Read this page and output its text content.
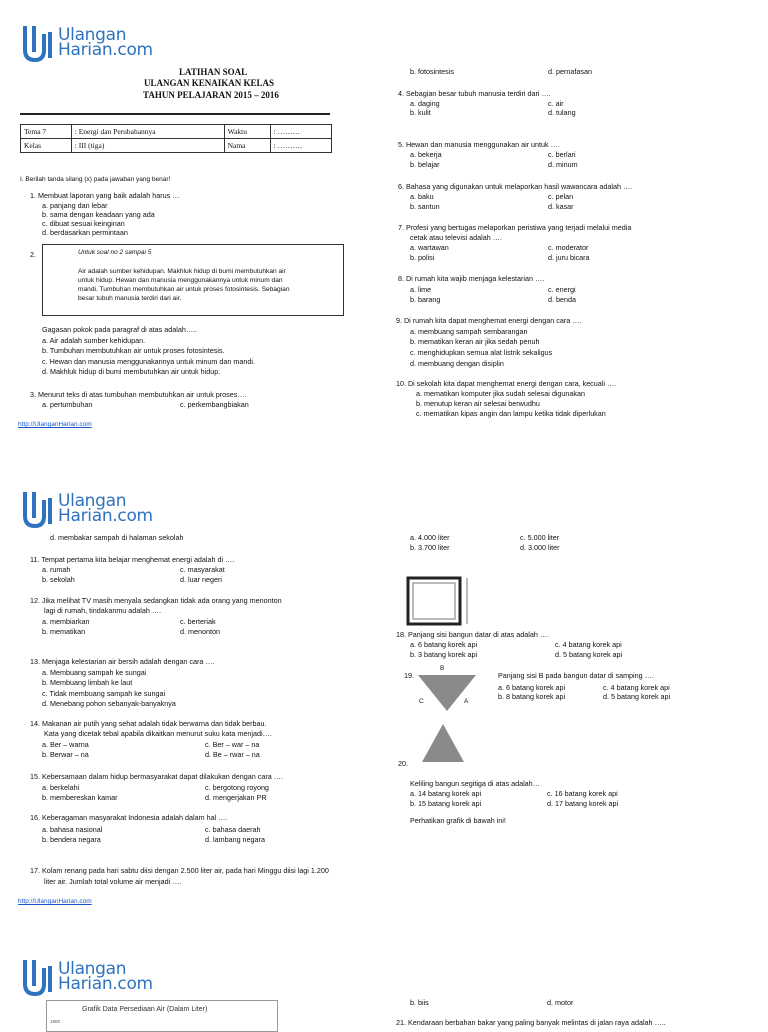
Ulangan
Harian.com
LATIHAN SOAL
ULANGAN KENAIKAN KELAS
TAHUN PELAJARAN 2015 – 2016
Tema 7	: Energi dan Perubahannya	Waktu	: ………
Kelas	: III (tiga)	Nama	: ……….
I. Berilah tanda silang (x) pada jawaban yang benar!
1. Membuat laporan yang baik adalah harus …
a. panjang dan lebar
b. sama dengan keadaan yang ada
c. dibuat sesuai keinginan
d. berdasarkan permintaan
2.	Untuk soal no 2 sampai 5
Air adalah sumber kehidupan. Makhluk hidup di bumi membutuhkan air
untuk hidup. Hewan dan manusia menggunakannya untuk minum dan
mandi. Tumbuhan membutuhkan air untuk proses fotosintesis. Sebagian
besar tubuh manusia terdiri dari air.
Gagasan pokok pada paragraf di atas adalah…..
a. Air adalah sumber kehidupan.
b. Tumbuhan membutuhkan air untuk proses fotosintesis.
c. Hewan dan manusia menggunakannya untuk minum dan mandi.
d. Makhluk hidup di bumi membutuhkan air untuk hidup.
3. Menurut teks di atas tumbuhan membutuhkan air untuk proses….
a. pertumbuhan	c. perkembangbiakan
http://UlanganHarian.com
b. fotosintesis	d. pernafasan
4. Sebagian besar tubuh manusia terdiri dari ….
a. daging	c. air
b. kulit	d. tulang
5. Hewan dan manusia menggunakan air untuk ….
a. bekerja	c. berlari
b. belajar	d. minum
6. Bahasa yang digunakan untuk melaporkan hasil wawancara adalah ….
a. baku	c. pelan
b. santun	d. kasar
7. Profesi yang bertugas melaporkan peristiwa yang terjadi melalui media
cetak atau televisi adalah ….
a. wartawan	c. moderator
b. polisi	d. juru bicara
8. Di rumah kita wajib menjaga kelestarian ….
a. lime	c. energi
b. barang	d. benda
9. Di rumah kita dapat menghemat energi dengan cara ….
a. membuang sampah sembarangan
b. mematikan keran air jika sedah penuh
c. menghidupkan semua alat listrik sekaligus
d. membuang dengan disiplin
10. Di sekolah kita dapat menghemat energi dengan cara, kecuali ….
a. mematikan komputer jika sudah selesai digunakan
b. menutup keran air selesai berwudhu
c. mematikan kipas angin dan lampu ketika tidak diperlukan
Ulangan
Harian.com
d. membakar sampah di halaman sekolah
11. Tempat pertama kita belajar menghemat energi adalah di ….
a. rumah	c. masyarakat
b. sekolah	d. luar negeri
12. Jika melihat TV masih menyala sedangkan tidak ada orang yang menonton
lagi di rumah, tindakanmu adalah ….
a. membiarkan	c. berteriak
b. mematikan	d. menonton
13. Menjaga kelestarian air bersih adalah dengan cara ….
a. Membuang sampah ke sungai
b. Membuang limbah ke laut
c. Tidak membuang sampah ke sungai
d. Menebang pohon sebanyak-banyaknya
14. Makanan air putih yang sehat adalah tidak berwarna dan tidak berbau.
Kata yang dicetak tebal apabila dikaitkan menurut suku kata menjadi….
a. Ber – warna	c. Ber – war – na
b. Berwar – na	d. Be – rwar – na
15. Kebersamaan dalam hidup bermasyarakat dapat dilakukan dengan cara ….
a. berkelahi	c. bergotong royong
b. membereskan kamar	d. mengerjakan PR
16. Keberagaman masyarakat Indonesia adalah dalam hal ….
a. bahasa nasional	c. bahasa daerah
b. bendera negara	d. lambang negara
17. Kolam renang pada hari sabtu diisi dengan 2.500 liter air, pada hari Minggu diisi lagi 1.200
liter air. Jumlah total volume air menjadi ….
http://UlanganHarian.com
a. 4.000 liter	c. 5.000 liter
b. 3.700 liter	d. 3.000 liter
18. Panjang sisi bangun datar di atas adalah ….
a. 6 batang korek api	c. 4 batang korek api
b. 3 batang korek api	d. 5 batang korek api
19.
B
C	A
Panjang sisi B pada bangun datar di samping ….
a. 6 batang korek api	c. 4 batang korek api
b. 8 batang korek api	d. 5 batang korek api
20.
Keliling bangun segitiga di atas adalah…
a. 14 batang korek api	c. 16 batang korek api
b. 15 batang korek api	d. 17 batang korek api
Perhatikan grafik di bawah ini!
Ulangan
Harian.com
Grafik Data Persediaan Air (Dalam Liter)
1800
b. biis	d. motor
21. Kendaraan berbahan bakar yang paling banyak melintas di jalan raya adalah …..
